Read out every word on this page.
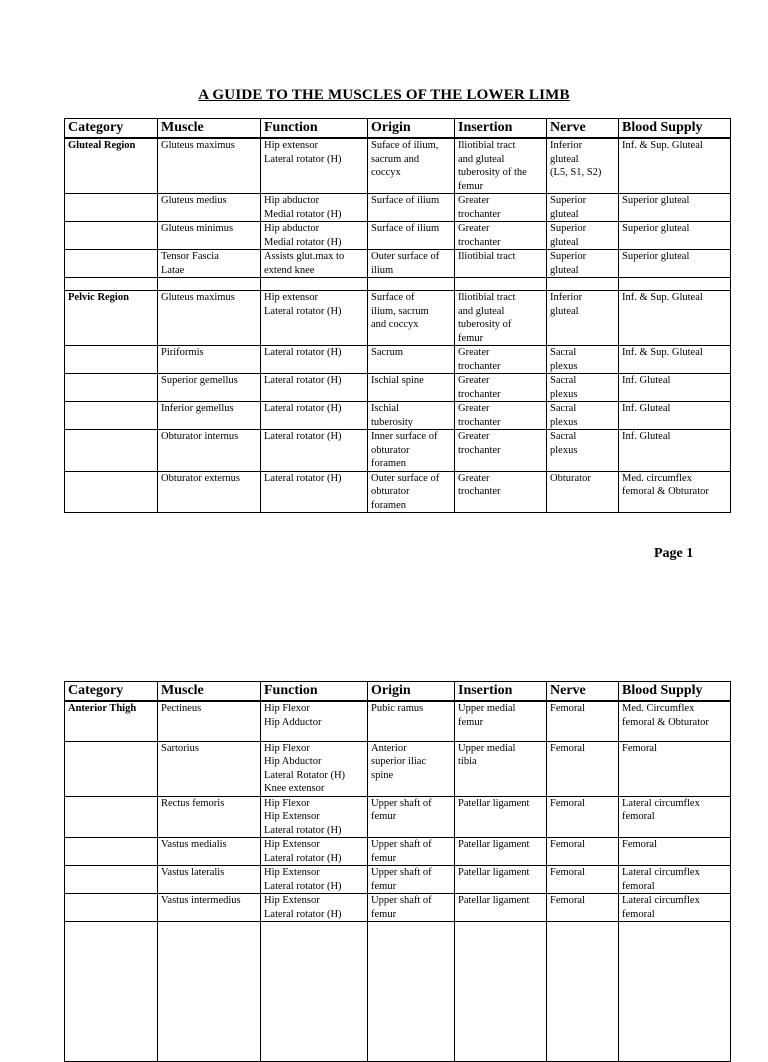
A GUIDE TO THE MUSCLES OF THE LOWER LIMB
Category	Muscle	Function	Origin	Insertion	Nerve	Blood Supply
Gluteal Region	Gluteus maximus	Hip extensor
Lateral rotator (H)	Suface of ilium,
sacrum and
coccyx	Iliotibial tract
and gluteal
tuberosity of the
femur	Inferior
gluteal
(L5, S1, S2)	Inf. & Sup. Gluteal

	Gluteus medius	Hip abductor
Medial rotator (H)	Surface of ilium	Greater
trochanter	Superior
gluteal	Superior gluteal

	Gluteus minimus	Hip abductor
Medial rotator (H)	Surface of ilium	Greater
trochanter	Superior
gluteal	Superior gluteal

	Tensor Fascia
Latae	Assists glut.max to
extend knee	Outer surface of
ilium	Iliotibial tract	Superior
gluteal	Superior gluteal

Pelvic Region	Gluteus maximus	Hip extensor
Lateral rotator (H)	Surface of
ilium, sacrum
and coccyx	Iliotibial tract
and gluteal
tuberosity of
femur	Inferior
gluteal	Inf. & Sup. Gluteal

	Piriformis	Lateral rotator (H)	Sacrum	Greater
trochanter	Sacral
plexus	Inf. & Sup. Gluteal

	Superior gemellus	Lateral rotator (H)	Ischial spine	Greater
trochanter	Sacral
plexus	Inf. Gluteal

	Inferior gemellus	Lateral rotator (H)	Ischial
tuberosity	Greater
trochanter	Sacral
plexus	Inf. Gluteal

	Obturator internus	Lateral rotator (H)	Inner surface of
obturator
foramen	Greater
trochanter	Sacral
plexus	Inf. Gluteal

	Obturator externus	Lateral rotator (H)	Outer surface of
obturator
foramen	Greater
trochanter	Obturator	Med. circumflex
femoral & Obturator
Page 1
Category	Muscle	Function	Origin	Insertion	Nerve	Blood Supply
Anterior Thigh	Pectineus	Hip Flexor
Hip Adductor	Pubic ramus	Upper medial
femur	Femoral	Med. Circumflex
femoral & Obturator

	Sartorius	Hip Flexor
Hip Abductor
Lateral Rotator (H)
Knee extensor	Anterior
superior iliac
spine	Upper medial
tibia	Femoral	Femoral

	Rectus femoris	Hip Flexor
Hip Extensor
Lateral rotator (H)	Upper shaft of
femur	Patellar ligament	Femoral	Lateral circumflex
femoral

	Vastus medialis	Hip Extensor
Lateral rotator (H)	Upper shaft of
femur	Patellar ligament	Femoral	Femoral

	Vastus lateralis	Hip Extensor
Lateral rotator (H)	Upper shaft of
femur	Patellar ligament	Femoral	Lateral circumflex
femoral

	Vastus intermedius	Hip Extensor
Lateral rotator (H)	Upper shaft of
femur	Patellar ligament	Femoral	Lateral circumflex
femoral
